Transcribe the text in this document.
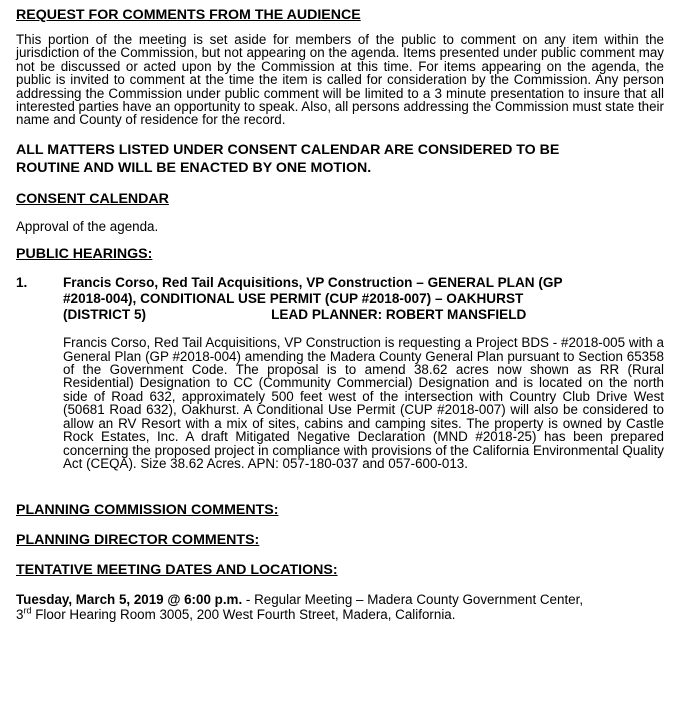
REQUEST FOR COMMENTS FROM THE AUDIENCE

This portion of the meeting is set aside for members of the public to comment on any item within the jurisdiction of the Commission, but not appearing on the agenda. Items presented under public comment may not be discussed or acted upon by the Commission at this time. For items appearing on the agenda, the public is invited to comment at the time the item is called for consideration by the Commission. Any person addressing the Commission under public comment will be limited to a 3 minute presentation to insure that all interested parties have an opportunity to speak. Also, all persons addressing the Commission must state their name and County of residence for the record.

ALL MATTERS LISTED UNDER CONSENT CALENDAR ARE CONSIDERED TO BE

ROUTINE AND WILL BE ENACTED BY ONE MOTION.

CONSENT CALENDAR

Approval of the agenda.

PUBLIC HEARINGS:

1.	Francis Corso, Red Tail Acquisitions, VP Construction – GENERAL PLAN (GP
#2018-004), CONDITIONAL USE PERMIT (CUP #2018-007) – OAKHURST
(DISTRICT 5)	LEAD PLANNER: ROBERT MANSFIELD

Francis Corso, Red Tail Acquisitions, VP Construction is requesting a Project BDS - #2018-005 with a General Plan (GP #2018-004) amending the Madera County General Plan pursuant to Section 65358 of the Government Code. The proposal is to amend 38.62 acres now shown as RR (Rural Residential) Designation to CC (Community Commercial) Designation and is located on the north side of Road 632, approximately 500 feet west of the intersection with Country Club Drive West (50681 Road 632), Oakhurst. A Conditional Use Permit (CUP #2018-007) will also be considered to allow an RV Resort with a mix of sites, cabins and camping sites. The property is owned by Castle Rock Estates, Inc. A draft Mitigated Negative Declaration (MND #2018-25) has been prepared concerning the proposed project in compliance with provisions of the California Environmental Quality Act (CEQA). Size 38.62 Acres. APN: 057-180-037 and 057-600-013.

PLANNING COMMISSION COMMENTS:

PLANNING DIRECTOR COMMENTS:

TENTATIVE MEETING DATES AND LOCATIONS:

Tuesday, March 5, 2019 @ 6:00 p.m. - Regular Meeting – Madera County Government Center,

3rd Floor Hearing Room 3005, 200 West Fourth Street, Madera, California.
